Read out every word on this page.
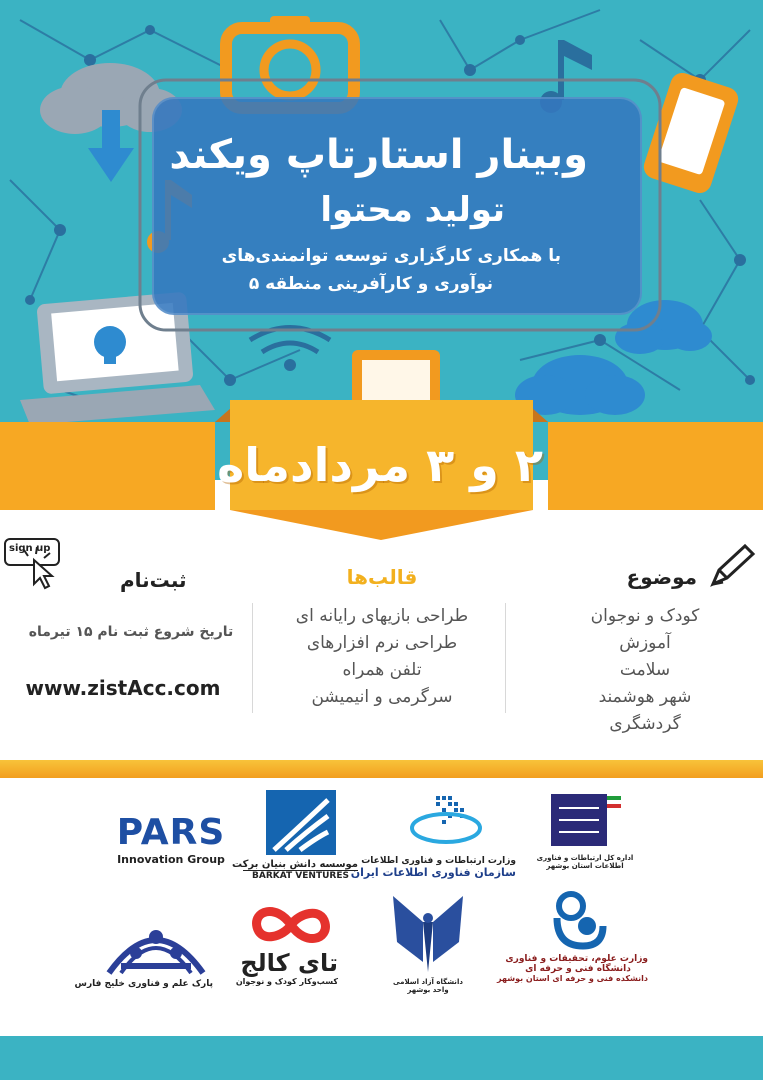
وبینار استارتاپ ویکند
تولید محتوا
با همکاری کارگزاری توسعه توانمندی‌های
نوآوری و کارآفرینی منطقه ۵
۲ و ۳ مردادماه
موضوع
کودک و نوجوان
آموزش
سلامت
شهر هوشمند
گردشگری
قالب‌ها
طراحی بازیهای رایانه ای
طراحی نرم افزارهای
تلفن همراه
سرگرمی و انیمیشن
sign up
ثبت‌نام
تاریخ شروع ثبت نام ۱۵ تیرماه
www.zistAcc.com
PARS
Innovation Group موسسه دانش بنیان برکت
BARKAT VENTURES
وزارت ارتباطات و فناوری اطلاعات
سازمان فناوری اطلاعات ایران
اداره کل ارتباطات و فناوری اطلاعات استان بوشهر
پارک علم و فناوری خلیج فارس
تای کالج
کسب‌وکار کودک و نوجوان	دانشگاه آزاد اسلامی
واحد بوشهر
وزارت علوم، تحقیقات و فناوری
دانشگاه فنی و حرفه ای
دانشکده فنی و حرفه ای استان بوشهر
